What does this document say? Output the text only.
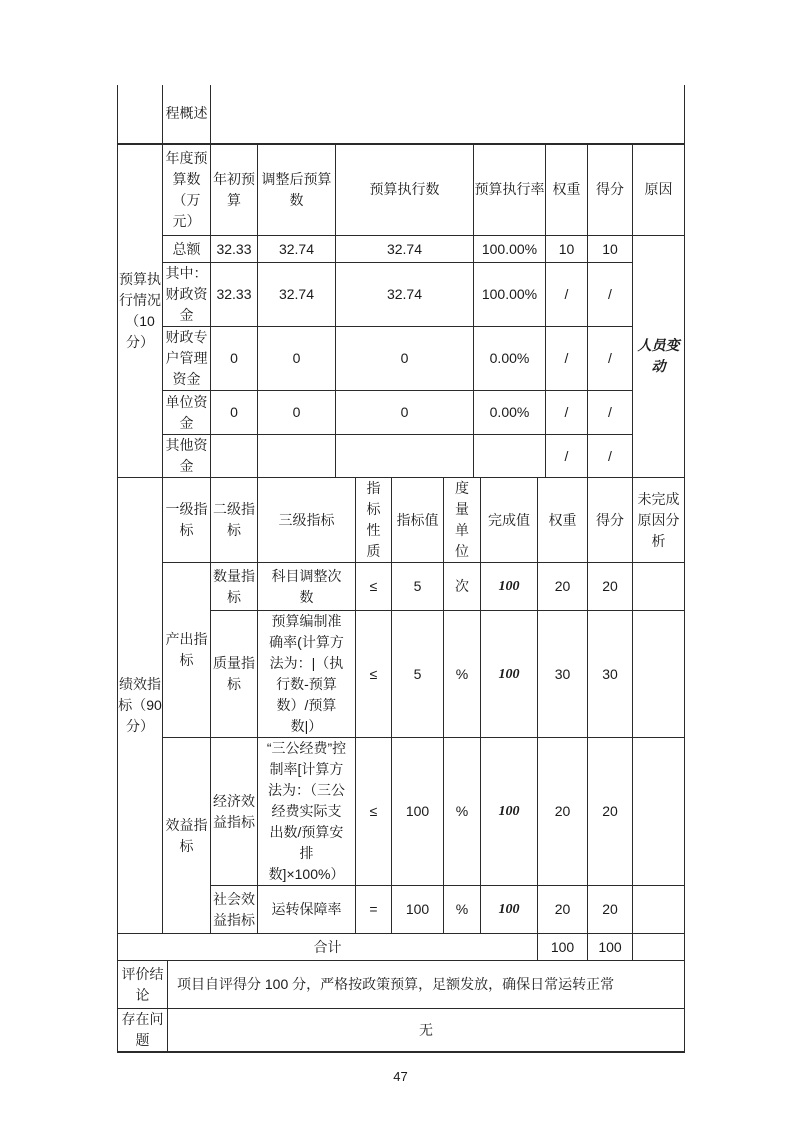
	程概述	
预算执行情况（10分）	年度预算数（万元）	年初预算	调整后预算数	预算执行数	预算执行率	权重	得分	原因
	总额	32.33	32.74	32.74	100.00%	10	10	人员变动
	其中：财政资金	32.33	32.74	32.74	100.00%	/	/	
	财政专户管理资金	0	0	0	0.00%	/	/	
	单位资金	0	0	0	0.00%	/	/	
	其他资金					/	/	
绩效指标（90分）	一级指标	二级指标	三级指标	指标性质	指标值	度量单位	完成值	权重	得分	未完成原因分析
	产出指标	数量指标	科目调整次数	≤	5	次	100	20	20	
		质量指标	预算编制准确率(计算方法为：|（执行数-预算数）/预算数|）	≤	5	%	100	30	30	
	效益指标	经济效益指标	“三公经费”控制率[计算方法为：（三公经费实际支出数/预算安排数]×100%）	≤	100	%	100	20	20	
		社会效益指标	运转保障率	=	100	%	100	20	20	
合计								100	100	
评价结论	项目自评得分 100 分，严格按政策预算，足额发放，确保日常运转正常
存在问题	无
47
